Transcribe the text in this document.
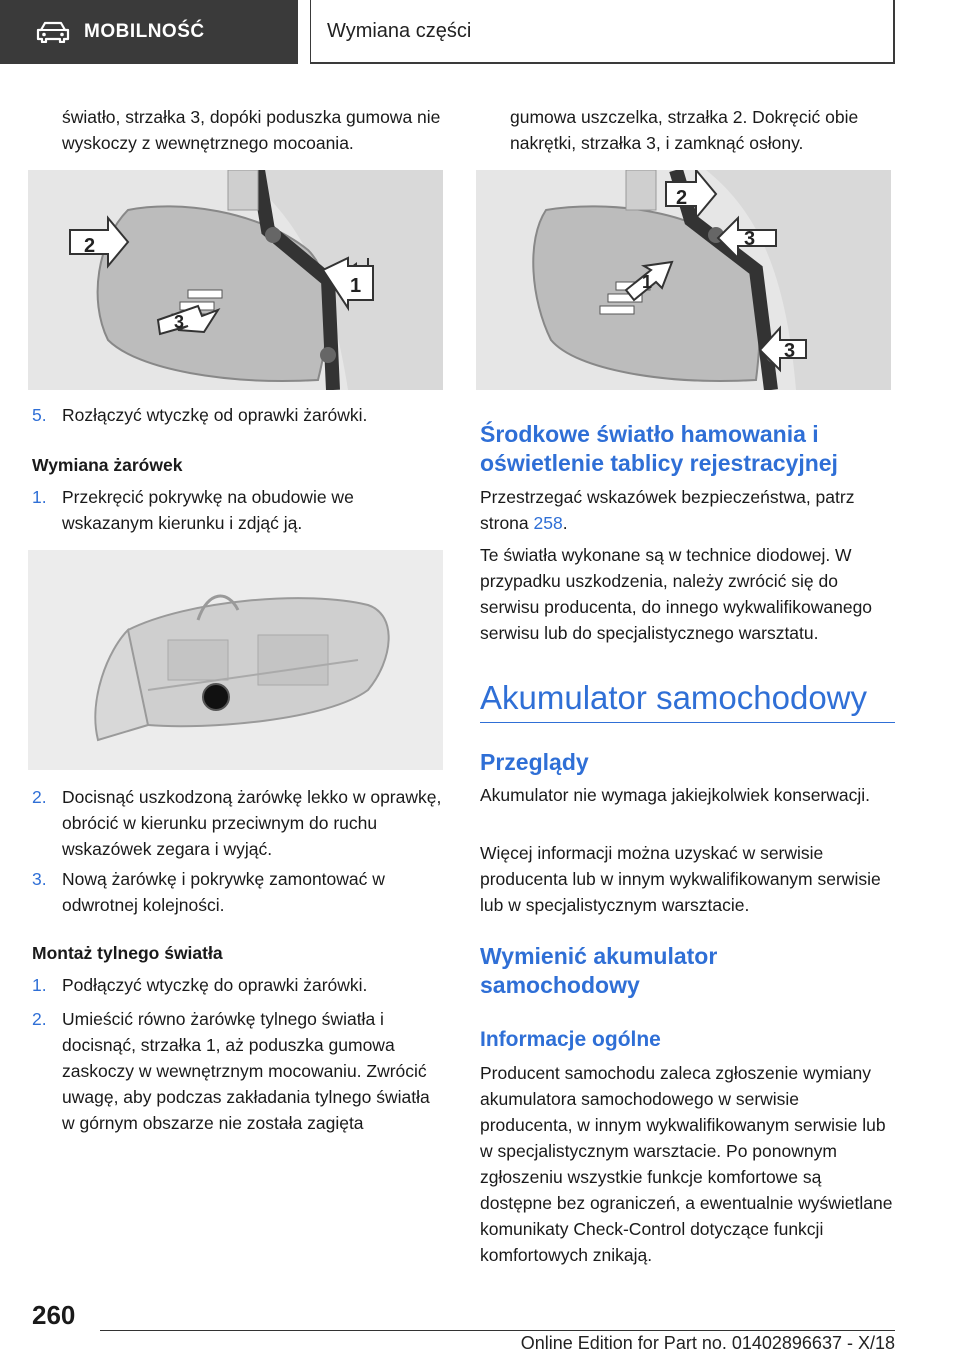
MOBILNOŚĆ	Wymiana części

światło, strzałka 3, dopóki poduszka gumowa nie wyskoczy z wewnętrznego mocoania.

2
1
3
5. Rozłączyć wtyczkę od oprawki żarówki.
Wymiana żarówek
1. Przekręcić pokrywkę na obudowie we wskazanym kierunku i zdjąć ją.
2. Docisnąć uszkodzoną żarówkę lekko w oprawkę, obrócić w kierunku przeciwnym do ruchu wskazówek zegara i wyjąć.
3. Nową żarówkę i pokrywkę zamontować w odwrotnej kolejności.
Montaż tylnego światła
1. Podłączyć wtyczkę do oprawki żarówki.
2. Umieścić równo żarówkę tylnego światła i docisnąć, strzałka 1, aż poduszka gumowa zaskoczy w wewnętrznym mocowaniu. Zwrócić uwagę, aby podczas zakładania tylnego światła w górnym obszarze nie została zagięta

gumowa uszczelka, strzałka 2. Dokręcić obie nakrętki, strzałka 3, i zamknąć osłony.

2
3
1
3
Środkowe światło hamowania i oświetlenie tablicy rejestracyjnej

Przestrzegać wskazówek bezpieczeństwa, patrz strona 258.

Te światła wykonane są w technice diodowej. W przypadku uszkodzenia, należy zwrócić się do serwisu producenta, do innego wykwalifikowanego serwisu lub do specjalistycznego warsztatu.

Akumulator samochodowy
Przeglądy

Akumulator nie wymaga jakiejkolwiek konserwacji.

Więcej informacji można uzyskać w serwisie producenta lub w innym wykwalifikowanym serwisie lub w specjalistycznym warsztacie.

Wymienić akumulator samochodowy
Informacje ogólne

Producent samochodu zaleca zgłoszenie wymiany akumulatora samochodowego w serwisie producenta, w innym wykwalifikowanym serwisie lub w specjalistycznym warsztacie. Po ponownym zgłoszeniu wszystkie funkcje komfortowe są dostępne bez ograniczeń, a ewentualnie wyświetlane komunikaty Check-Control dotyczące funkcji komfortowych znikają.

260
Online Edition for Part no. 01402896637 - X/18
